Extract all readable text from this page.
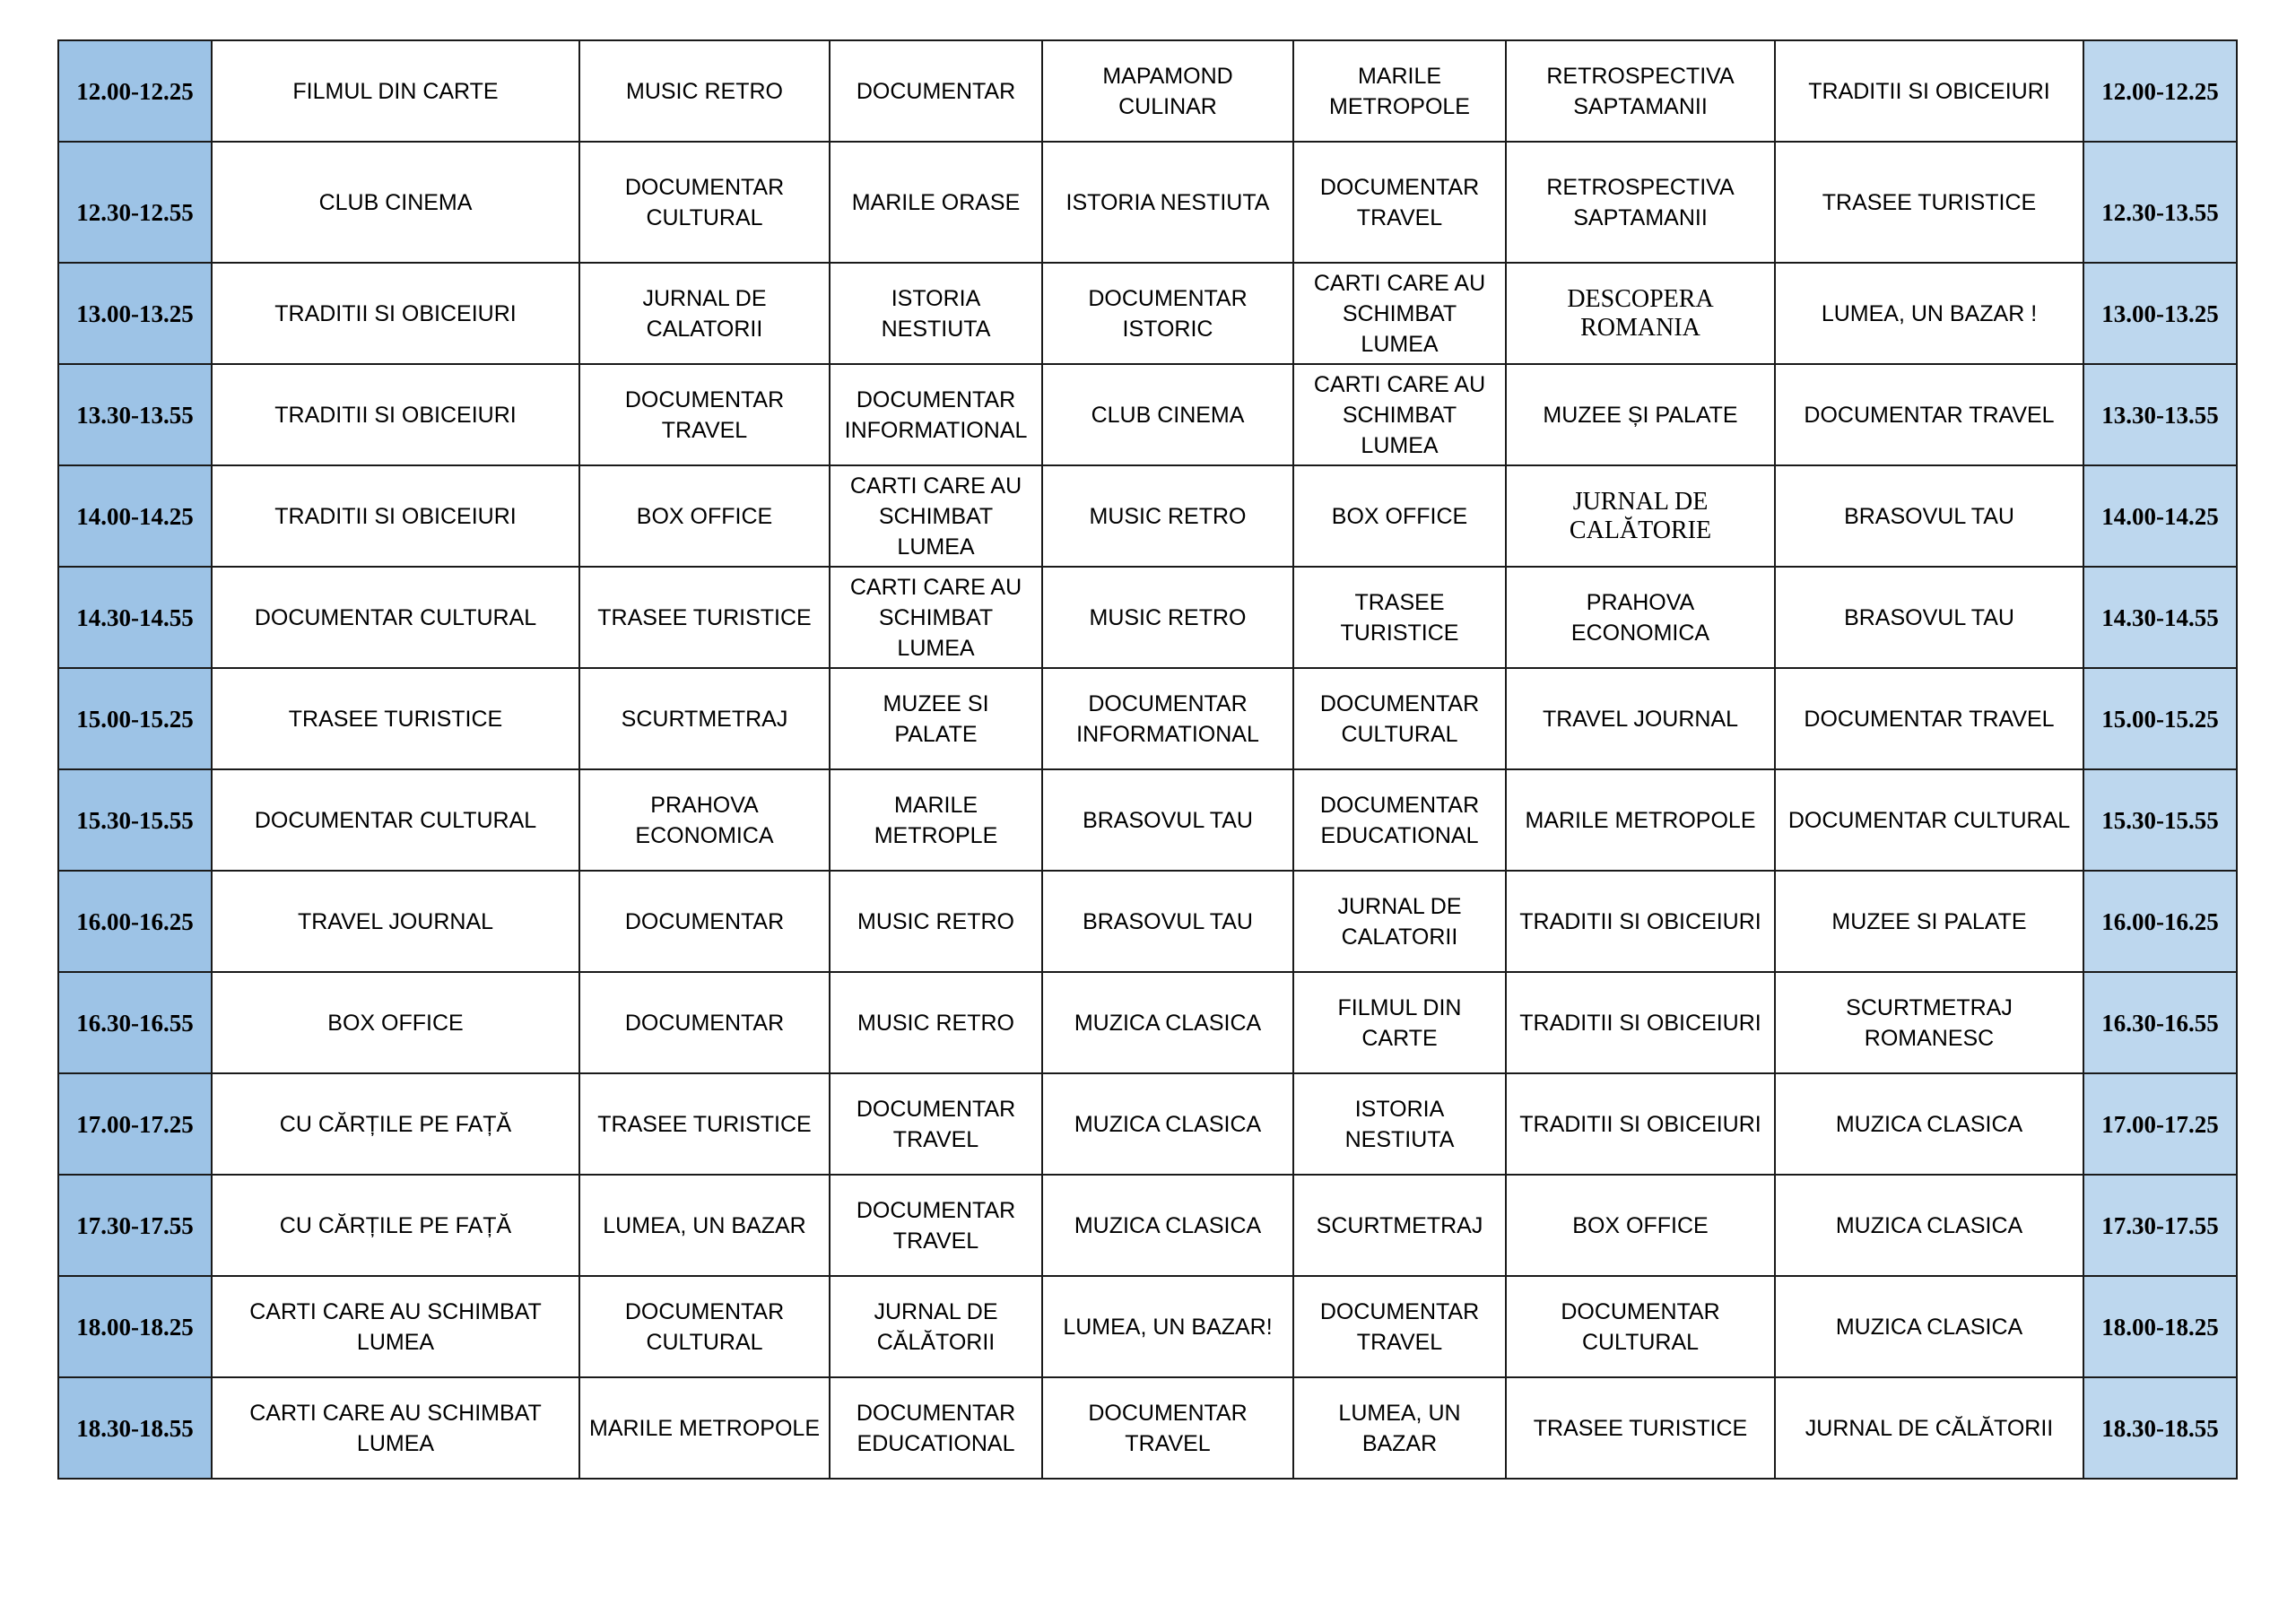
12.00-12.25	FILMUL DIN CARTE	MUSIC RETRO	DOCUMENTAR	MAPAMOND CULINAR	MARILE METROPOLE	RETROSPECTIVA SAPTAMANII	TRADITII SI OBICEIURI	12.00-12.25
12.30-12.55	CLUB CINEMA	DOCUMENTAR CULTURAL	MARILE ORASE	ISTORIA NESTIUTA	DOCUMENTAR TRAVEL	RETROSPECTIVA SAPTAMANII	TRASEE TURISTICE	12.30-13.55
13.00-13.25	TRADITII SI OBICEIURI	JURNAL DE CALATORII	ISTORIA NESTIUTA	DOCUMENTAR ISTORIC	CARTI CARE AU SCHIMBAT LUMEA	DESCOPERA ROMANIA	LUMEA, UN BAZAR !	13.00-13.25
13.30-13.55	TRADITII SI OBICEIURI	DOCUMENTAR TRAVEL	DOCUMENTAR INFORMATIONAL	CLUB CINEMA	CARTI CARE AU SCHIMBAT LUMEA	MUZEE ȘI PALATE	DOCUMENTAR TRAVEL	13.30-13.55
14.00-14.25	TRADITII SI OBICEIURI	BOX OFFICE	CARTI CARE AU SCHIMBAT LUMEA	MUSIC RETRO	BOX OFFICE	JURNAL DE CALĂTORIE	BRASOVUL TAU	14.00-14.25
14.30-14.55	DOCUMENTAR CULTURAL	TRASEE TURISTICE	CARTI CARE AU SCHIMBAT LUMEA	MUSIC RETRO	TRASEE TURISTICE	PRAHOVA ECONOMICA	BRASOVUL TAU	14.30-14.55
15.00-15.25	TRASEE TURISTICE	SCURTMETRAJ	MUZEE SI PALATE	DOCUMENTAR INFORMATIONAL	DOCUMENTAR CULTURAL	TRAVEL JOURNAL	DOCUMENTAR TRAVEL	15.00-15.25
15.30-15.55	DOCUMENTAR CULTURAL	PRAHOVA ECONOMICA	MARILE METROPLE	BRASOVUL TAU	DOCUMENTAR EDUCATIONAL	MARILE METROPOLE	DOCUMENTAR CULTURAL	15.30-15.55
16.00-16.25	TRAVEL JOURNAL	DOCUMENTAR	MUSIC RETRO	BRASOVUL TAU	JURNAL DE CALATORII	TRADITII SI OBICEIURI	MUZEE SI PALATE	16.00-16.25
16.30-16.55	BOX OFFICE	DOCUMENTAR	MUSIC RETRO	MUZICA CLASICA	FILMUL DIN CARTE	TRADITII SI OBICEIURI	SCURTMETRAJ ROMANESC	16.30-16.55
17.00-17.25	CU CĂRȚILE PE FAȚĂ	TRASEE TURISTICE	DOCUMENTAR TRAVEL	MUZICA CLASICA	ISTORIA NESTIUTA	TRADITII SI OBICEIURI	MUZICA CLASICA	17.00-17.25
17.30-17.55	CU CĂRȚILE PE FAȚĂ	LUMEA, UN BAZAR	DOCUMENTAR TRAVEL	MUZICA CLASICA	SCURTMETRAJ	BOX OFFICE	MUZICA CLASICA	17.30-17.55
18.00-18.25	CARTI CARE AU SCHIMBAT LUMEA	DOCUMENTAR CULTURAL	JURNAL DE CĂLĂTORII	LUMEA, UN BAZAR!	DOCUMENTAR TRAVEL	DOCUMENTAR CULTURAL	MUZICA CLASICA	18.00-18.25
18.30-18.55	CARTI CARE AU SCHIMBAT LUMEA	MARILE METROPOLE	DOCUMENTAR EDUCATIONAL	DOCUMENTAR TRAVEL	LUMEA, UN BAZAR	TRASEE TURISTICE	JURNAL DE CĂLĂTORII	18.30-18.55
